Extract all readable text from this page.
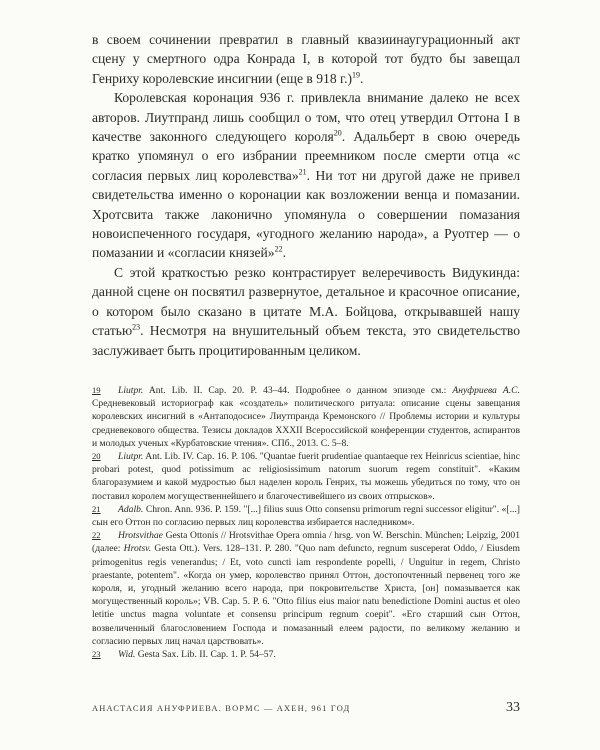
в своем сочинении превратил в главный квазиинаугурационный акт сцену у смертного одра Конрада I, в которой тот будто бы завещал Генриху королевские инсигнии (еще в 918 г.)$^{19}$.

Королевская коронация 936 г. привлекла внимание далеко не всех авторов. Лиутпранд лишь сообщил о том, что отец утвердил Оттона I в качестве законного следующего короля$^{20}$. Адальберт в свою очередь кратко упомянул о его избрании преемником после смерти отца «с согласия первых лиц королевства»$^{21}$. Ни тот ни другой даже не привел свидетельства именно о коронации как возложении венца и помазании. Хротсвита также лаконично упомянула о совершении помазания новоиспеченного государя, «угодного желанию народа», а Руотгер — о помазании и «согласии князей»$^{22}$.

С этой краткостью резко контрастирует велеречивость Видукинда: данной сцене он посвятил развернутое, детальное и красочное описание, о котором было сказано в цитате М.А. Бойцова, открывавшей нашу статью$^{23}$. Несмотря на внушительный объем текста, это свидетельство заслуживает быть процитированным целиком.

19 Liutpr. Ant. Lib. II. Cap. 20. P. 43–44. Подробнее о данном эпизоде см.: Ануфриева А.С. Средневековый историограф как «создатель» политического ритуала: описание сцены завещания королевских инсигний в «Антаподосисе» Лиутпранда Кремонского // Проблемы истории и культуры средневекового общества. Тезисы докладов XXXII Всероссийской конференции студентов, аспирантов и молодых ученых «Курбатовские чтения». СПб., 2013. С. 5–8.

20 Liutpr. Ant. Lib. IV. Cap. 16. P. 106. "Quantae fuerit prudentiae quantaeque rex Heinricus scientiae, hinc probari potest, quod potissimum ac religiosissimum natorum suorum regem constituit". «Каким благоразумием и какой мудростью был наделен король Генрих, ты можешь убедиться по тому, что он поставил королем могущественнейшего и благочестивейшего из своих отпрысков».

21 Adalb. Chron. Ann. 936. P. 159. "[...] filius suus Otto consensu primorum regni successor eligitur". «[...] сын его Оттон по согласию первых лиц королевства избирается наследником».

22 Hrotsvithae Gesta Ottonis // Hrotsvithae Opera omnia / hrsg. von W. Berschin. München; Leipzig, 2001 (далее: Hrotsv. Gesta Ott.). Vers. 128–131. P. 280. "Quo nam defuncto, regnum susceperat Oddo, / Eiusdem primogenitus regis venerandus; / Et, voto cuncti iam respondente popelli, / Unguitur in regem, Christo praestante, potentem". «Когда он умер, королевство принял Оттон, достопочтенный первенец того же короля, и, угодный желанию всего народа, при покровительстве Христа, [он] помазывается как могущественный король»; VB. Cap. 5. P. 6. "Otto filius eius maior natu benedictione Domini auctus et oleo letitie unctus magna voluntate et consensu principum regnum coepit". «Его старший сын Оттон, возвеличенный благословением Господа и помазанный елеем радости, по великому желанию и согласию первых лиц начал царствовать».

23 Wid. Gesta Sax. Lib. II. Cap. 1. P. 54–57.

АНАСТАСИЯ АНУФРИЕВА. ВОРМС — АХЕН, 961 ГОД	33
